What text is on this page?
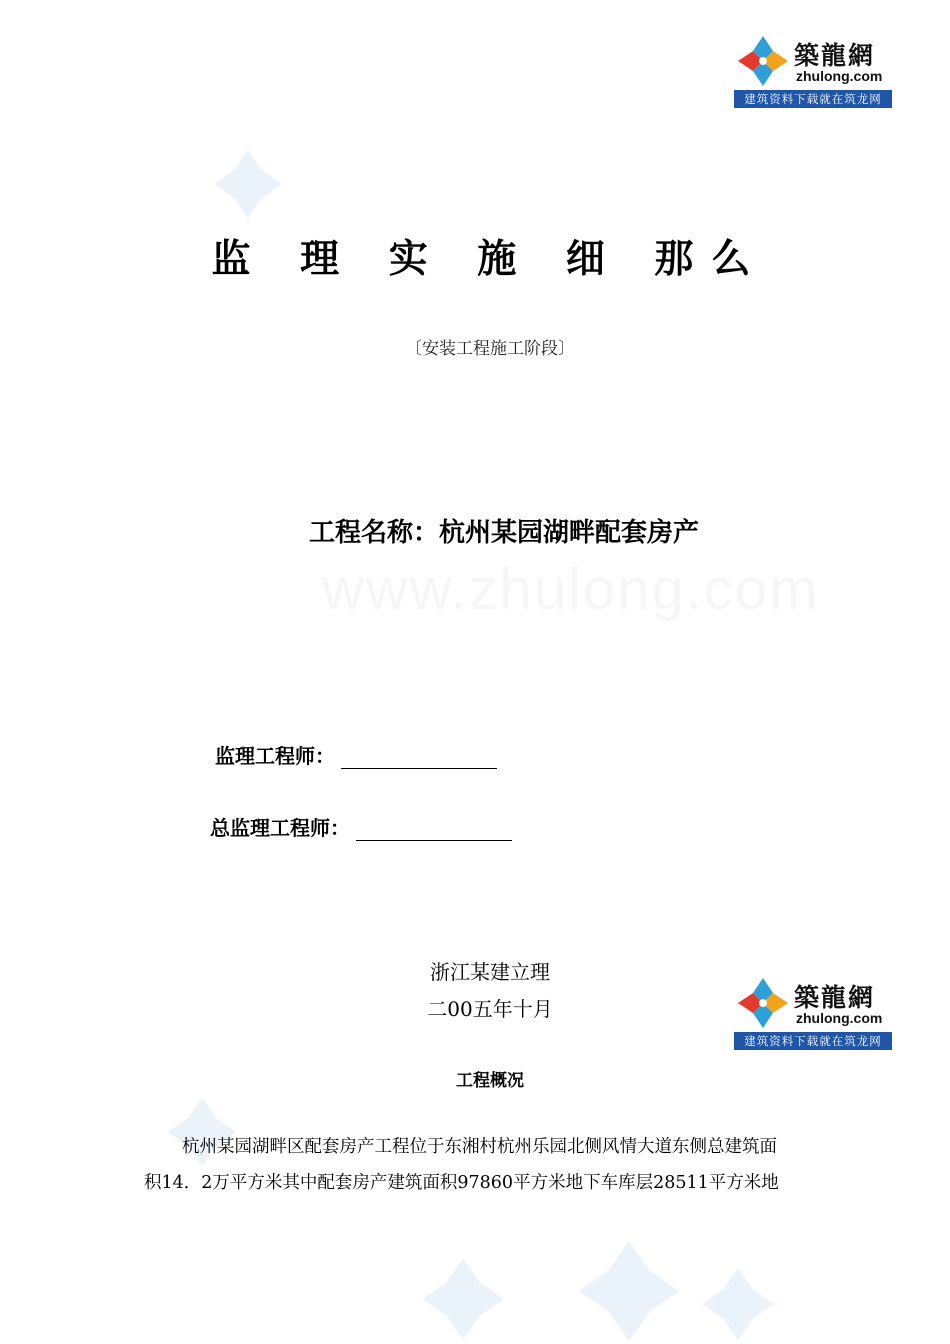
築龍網
zhulong.com
建筑资料下载就在筑龙网
监 理 实 施 细 那么
〔安装工程施工阶段〕
工程名称：杭州某园湖畔配套房产
www.zhulong.com
监理工程师：
总监理工程师：
浙江某建立理
二00五年十月	築龍網
zhulong.com
建筑资料下载就在筑龙网
工程概况

杭州某园湖畔区配套房产工程位于东湘村杭州乐园北侧风情大道东侧总建筑面

积14．2万平方米其中配套房产建筑面积97860平方米地下车库层28511平方米地
